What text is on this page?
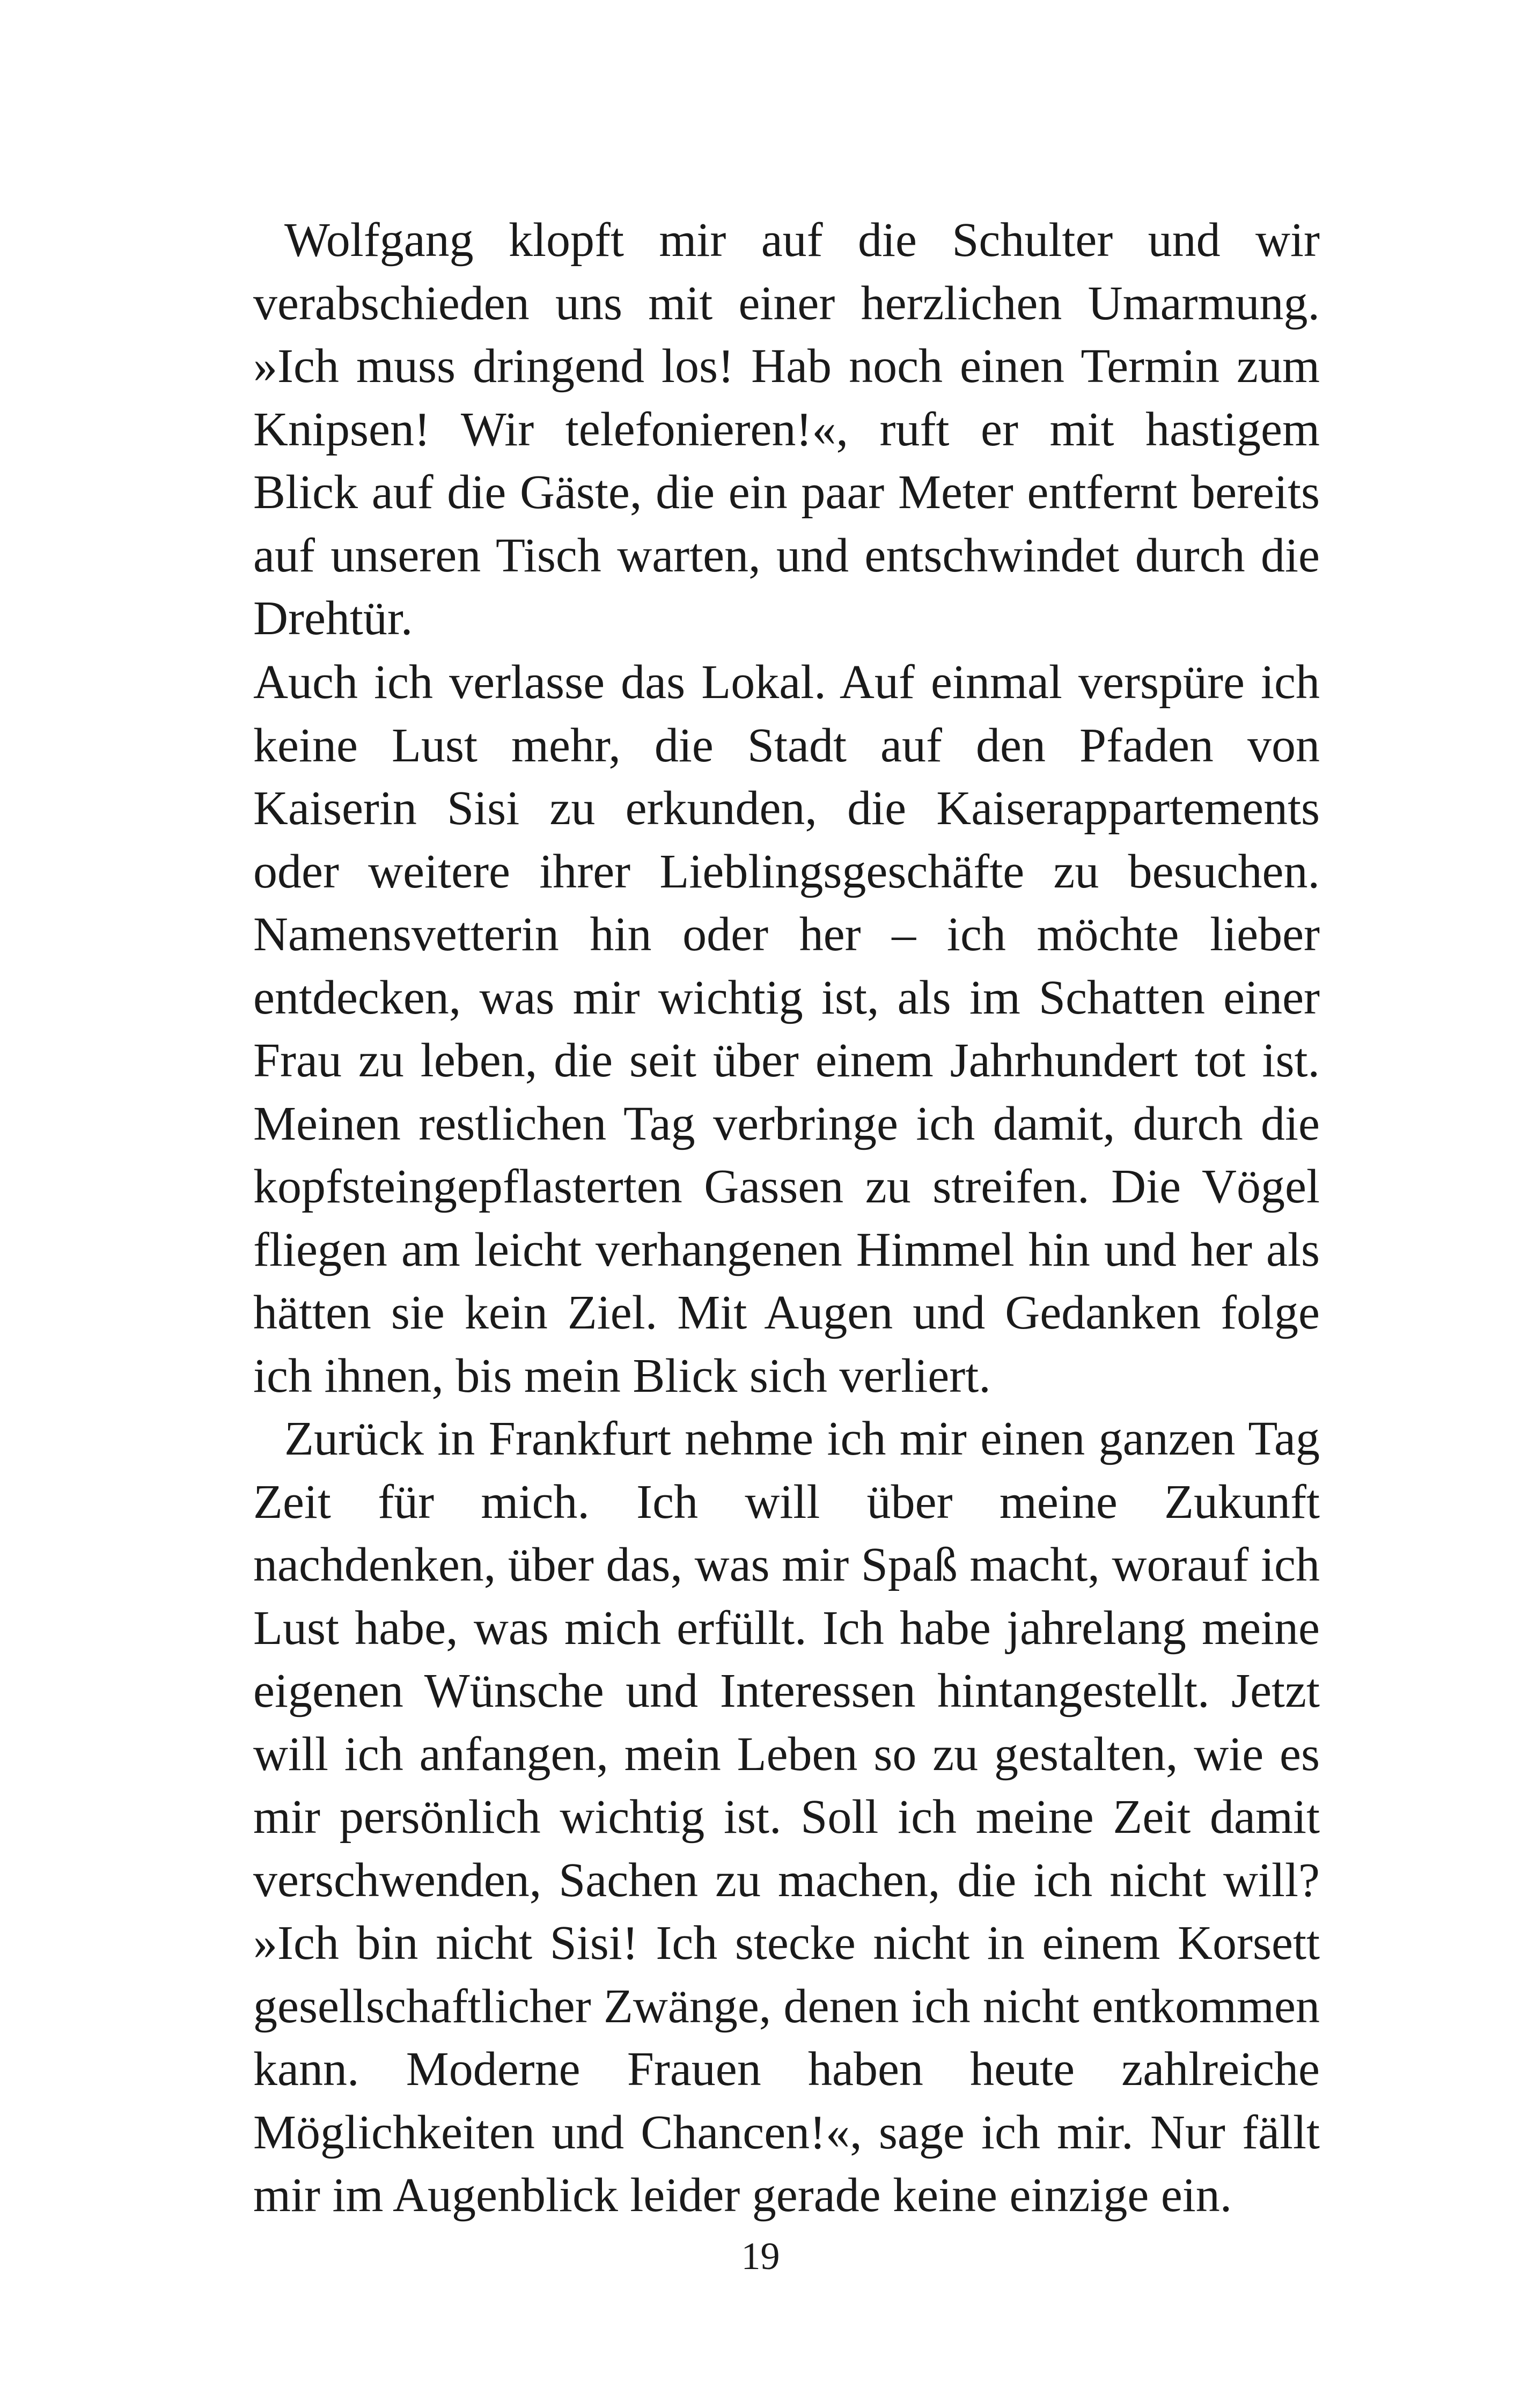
Wolfgang klopft mir auf die Schulter und wir verabschieden uns mit einer herzlichen Umarmung. »Ich muss dringend los! Hab noch einen Termin zum Knipsen! Wir telefonieren!«, ruft er mit hastigem Blick auf die Gäste, die ein paar Meter entfernt bereits auf unseren Tisch warten, und entschwindet durch die Drehtür.

Auch ich verlasse das Lokal. Auf einmal verspüre ich keine Lust mehr, die Stadt auf den Pfaden von Kaiserin Sisi zu erkunden, die Kaiserappartements oder weitere ihrer Lieblingsgeschäfte zu besuchen. Namensvetterin hin oder her – ich möchte lieber entdecken, was mir wichtig ist, als im Schatten einer Frau zu leben, die seit über einem Jahrhundert tot ist. Meinen restlichen Tag verbringe ich damit, durch die kopfsteingepflasterten Gassen zu streifen. Die Vögel fliegen am leicht verhangenen Himmel hin und her als hätten sie kein Ziel. Mit Augen und Gedanken folge ich ihnen, bis mein Blick sich verliert.

Zurück in Frankfurt nehme ich mir einen ganzen Tag Zeit für mich. Ich will über meine Zukunft nachdenken, über das, was mir Spaß macht, worauf ich Lust habe, was mich erfüllt. Ich habe jahrelang meine eigenen Wünsche und Interessen hintangestellt. Jetzt will ich anfangen, mein Leben so zu gestalten, wie es mir persönlich wichtig ist. Soll ich meine Zeit damit verschwenden, Sachen zu machen, die ich nicht will? »Ich bin nicht Sisi! Ich stecke nicht in einem Korsett gesellschaftlicher Zwänge, denen ich nicht entkommen kann. Moderne Frauen haben heute zahlreiche Möglichkeiten und Chancen!«, sage ich mir. Nur fällt mir im Augenblick leider gerade keine einzige ein.

19
